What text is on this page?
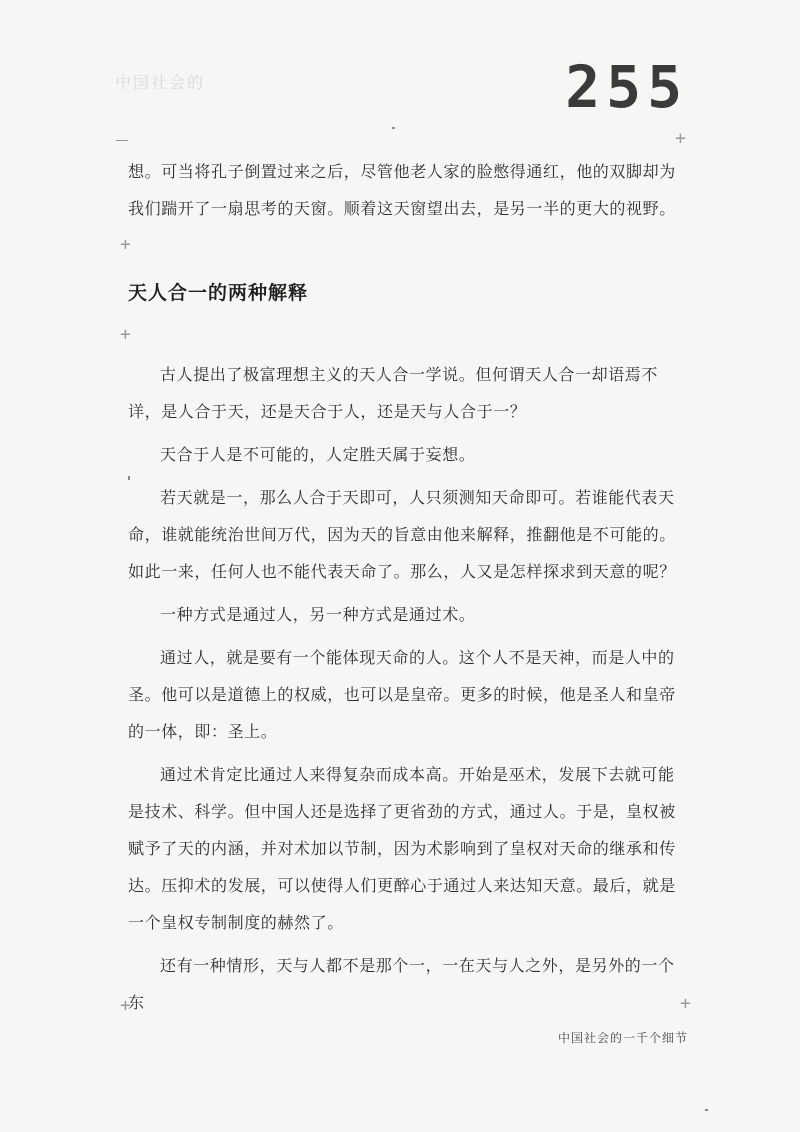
中国社会的	255
+
+
+
+	+
想。可当将孔子倒置过来之后，尽管他老人家的脸憋得通红，他的双脚却为我们踹开了一扇思考的天窗。顺着这天窗望出去，是另一半的更大的视野。
天人合一的两种解释

古人提出了极富理想主义的天人合一学说。但何谓天人合一却语焉不详，是人合于天，还是天合于人，还是天与人合于一？

天合于人是不可能的，人定胜天属于妄想。

若天就是一，那么人合于天即可，人只须测知天命即可。若谁能代表天命，谁就能统治世间万代，因为天的旨意由他来解释，推翻他是不可能的。如此一来，任何人也不能代表天命了。那么，人又是怎样探求到天意的呢？

一种方式是通过人，另一种方式是通过术。

通过人，就是要有一个能体现天命的人。这个人不是天神，而是人中的圣。他可以是道德上的权威，也可以是皇帝。更多的时候，他是圣人和皇帝的一体，即：圣上。

通过术肯定比通过人来得复杂而成本高。开始是巫术，发展下去就可能是技术、科学。但中国人还是选择了更省劲的方式，通过人。于是，皇权被赋予了天的内涵，并对术加以节制，因为术影响到了皇权对天命的继承和传达。压抑术的发展，可以使得人们更醉心于通过人来达知天意。最后，就是一个皇权专制制度的赫然了。

还有一种情形，天与人都不是那个一，一在天与人之外，是另外的一个东

中国社会的一千个细节
